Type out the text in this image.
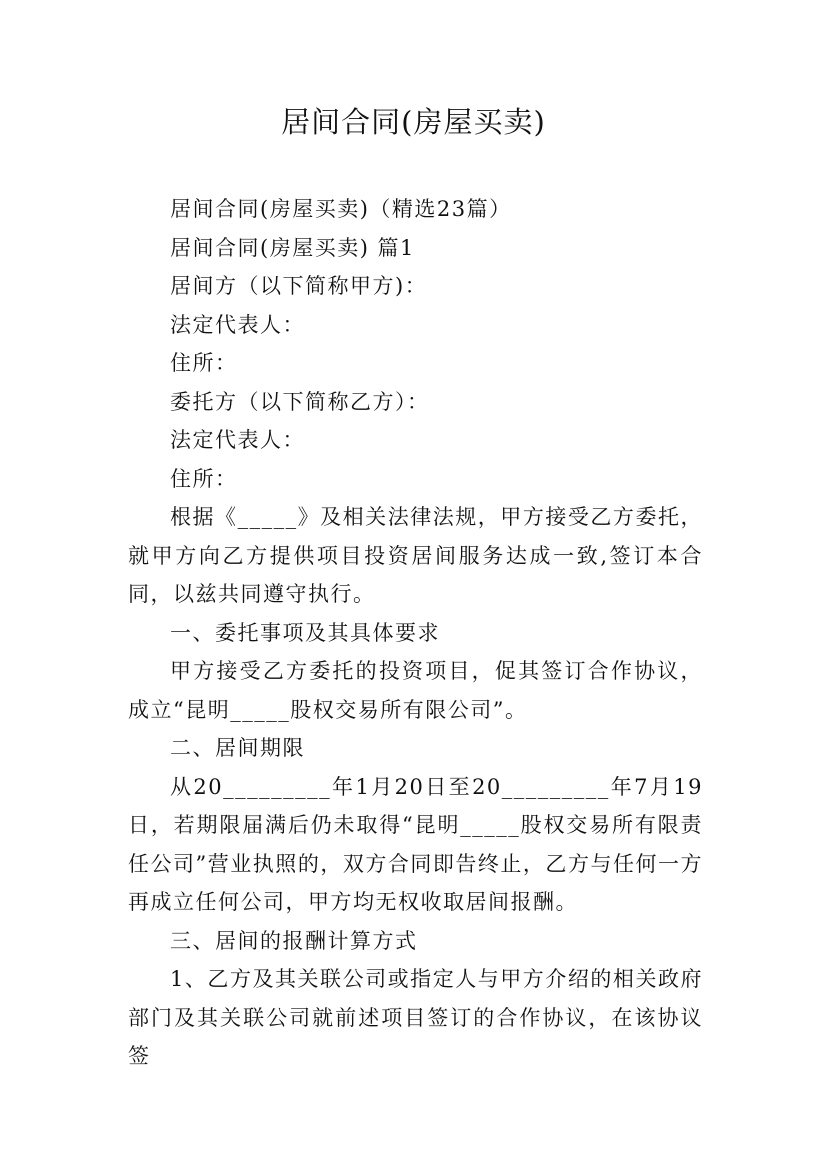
居间合同(房屋买卖)

居间合同(房屋买卖)（精选23篇）

居间合同(房屋买卖) 篇1

居间方（以下简称甲方)：

法定代表人：

住所：

委托方（以下简称乙方）：

法定代表人：

住所：

根据《_____》及相关法律法规，甲方接受乙方委托，就甲方向乙方提供项目投资居间服务达成一致,签订本合同，以兹共同遵守执行。

一、委托事项及其具体要求

甲方接受乙方委托的投资项目，促其签订合作协议，成立“昆明_____股权交易所有限公司”。

二、居间期限

从20_________年1月20日至20_________年7月19日，若期限届满后仍未取得“昆明_____股权交易所有限责任公司”营业执照的，双方合同即告终止，乙方与任何一方再成立任何公司，甲方均无权收取居间报酬。

三、居间的报酬计算方式

1、乙方及其关联公司或指定人与甲方介绍的相关政府部门及其关联公司就前述项目签订的合作协议，在该协议签
